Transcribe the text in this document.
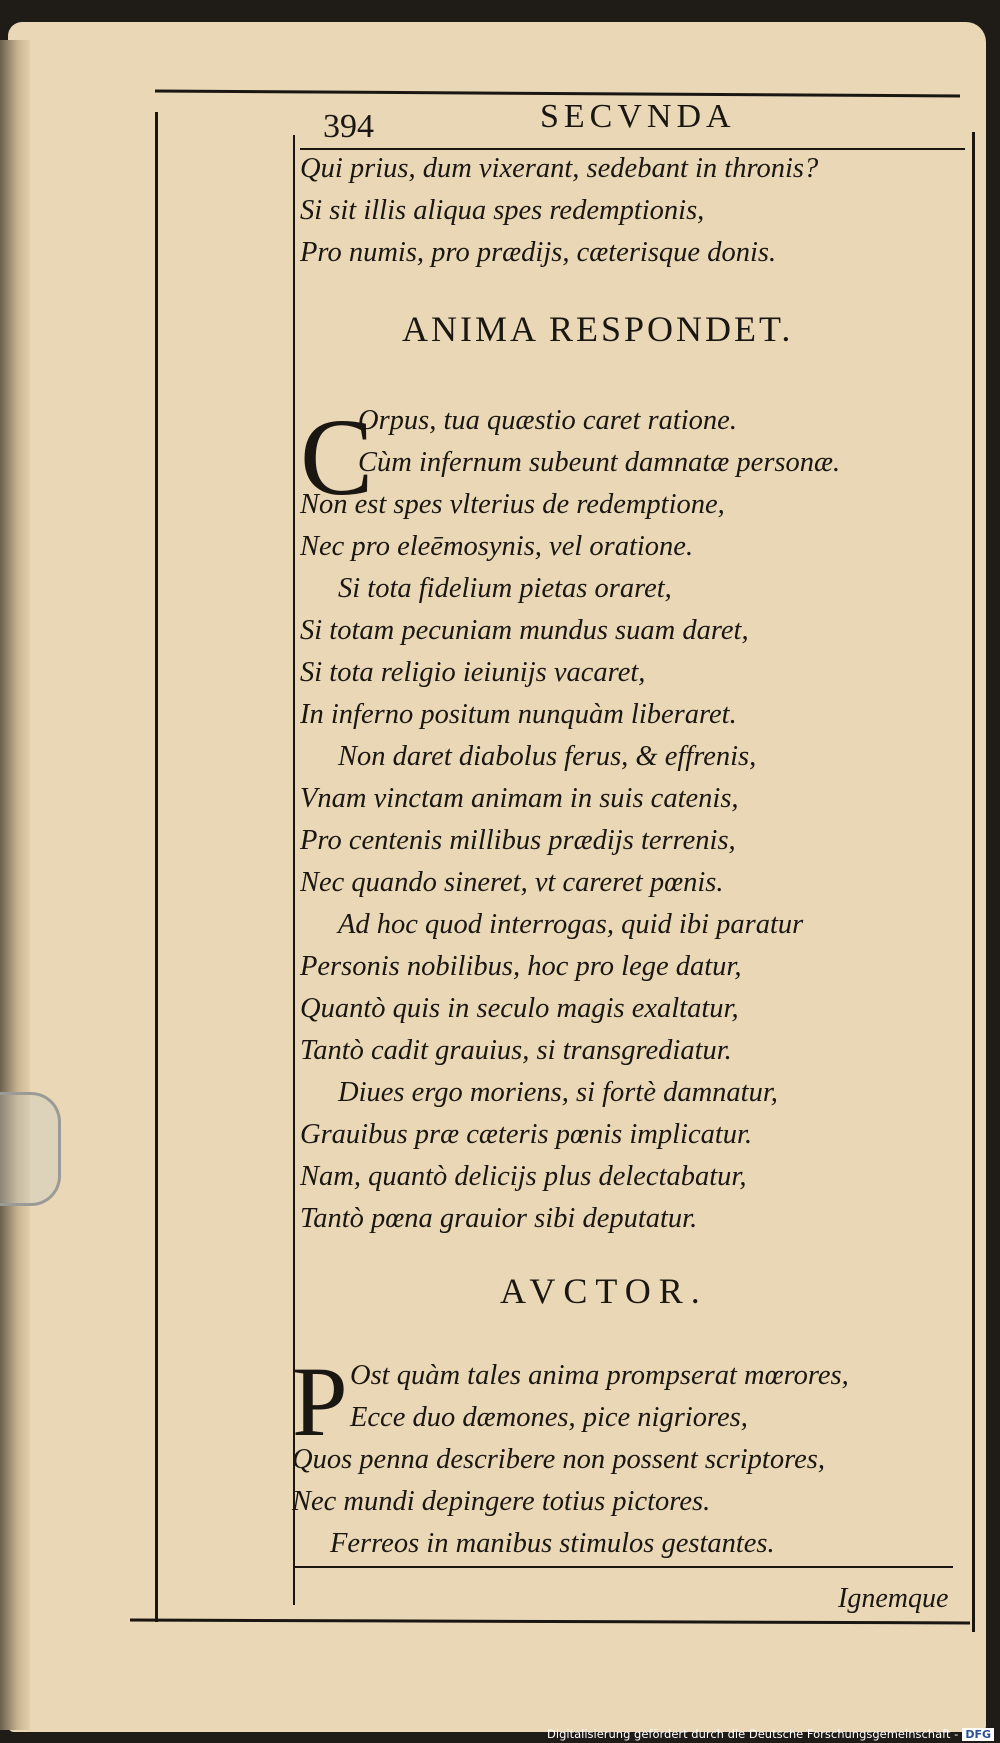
394	SECVNDA
Qui prius, dum vixerant, sedebant in thronis?
Si sit illis aliqua spes redemptionis,
Pro numis, pro prædijs, cæterisque donis.
ANIMA RESPONDET.
C
Orpus, tua quæstio caret ratione.
Cùm infernum subeunt damnatæ personæ.
Non est spes vlterius de redemptione,
Nec pro eleēmosynis, vel oratione.
Si tota fidelium pietas oraret,
Si totam pecuniam mundus suam daret,
Si tota religio ieiunijs vacaret,
In inferno positum nunquàm liberaret.
Non daret diabolus ferus, & effrenis,
Vnam vinctam animam in suis catenis,
Pro centenis millibus prædijs terrenis,
Nec quando sineret, vt careret pœnis.
Ad hoc quod interrogas, quid ibi paratur
Personis nobilibus, hoc pro lege datur,
Quantò quis in seculo magis exaltatur,
Tantò cadit grauius, si transgrediatur.
Diues ergo moriens, si fortè damnatur,
Grauibus præ cæteris pœnis implicatur.
Nam, quantò delicijs plus delectabatur,
Tantò pœna grauior sibi deputatur.
AVCTOR.
P Ost quàm tales anima prompserat mœrores,
Ecce duo dæmones, pice nigriores,
Quos penna describere non possent scriptores,
Nec mundi depingere totius pictores.
Ferreos in manibus stimulos gestantes.
Ignemque
Digitalisierung gefördert durch die Deutsche Forschungsgemeinschaft - DFG
